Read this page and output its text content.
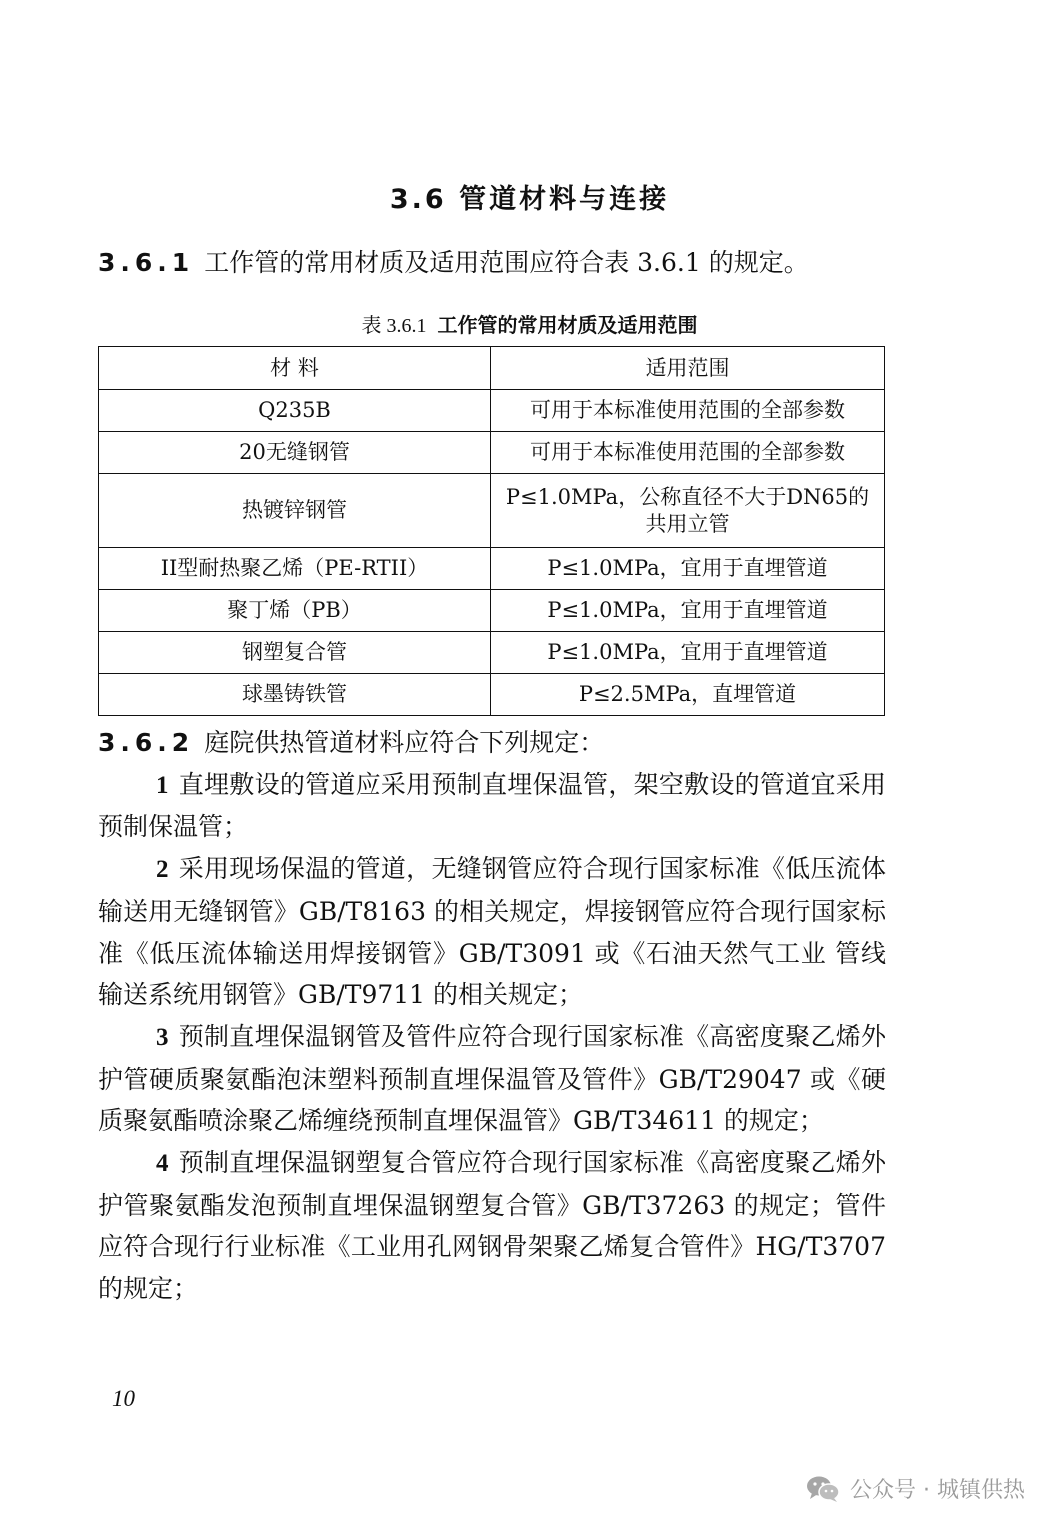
3.6 管道材料与连接
3.6.1 工作管的常用材质及适用范围应符合表 3.6.1 的规定。
表 3.6.1 工作管的常用材质及适用范围
材 料	适用范围
Q235B	可用于本标准使用范围的全部参数
20无缝钢管	可用于本标准使用范围的全部参数
热镀锌钢管	P≤1.0MPa，公称直径不大于DN65的共用立管
II型耐热聚乙烯（PE-RTII）	P≤1.0MPa，宜用于直埋管道
聚丁烯（PB）	P≤1.0MPa，宜用于直埋管道
钢塑复合管	P≤1.0MPa，宜用于直埋管道
球墨铸铁管	P≤2.5MPa，直埋管道

3.6.2 庭院供热管道材料应符合下列规定：

1 直埋敷设的管道应采用预制直埋保温管，架空敷设的管道宜采用预制保温管；

2 采用现场保温的管道，无缝钢管应符合现行国家标准《低压流体输送用无缝钢管》GB/T8163 的相关规定，焊接钢管应符合现行国家标准《低压流体输送用焊接钢管》GB/T3091 或《石油天然气工业 管线输送系统用钢管》GB/T9711 的相关规定；

3 预制直埋保温钢管及管件应符合现行国家标准《高密度聚乙烯外护管硬质聚氨酯泡沫塑料预制直埋保温管及管件》GB/T29047 或《硬质聚氨酯喷涂聚乙烯缠绕预制直埋保温管》GB/T34611 的规定；

4 预制直埋保温钢塑复合管应符合现行国家标准《高密度聚乙烯外护管聚氨酯发泡预制直埋保温钢塑复合管》GB/T37263 的规定；管件应符合现行行业标准《工业用孔网钢骨架聚乙烯复合管件》HG/T3707 的规定；

10
公众号 · 城镇供热
